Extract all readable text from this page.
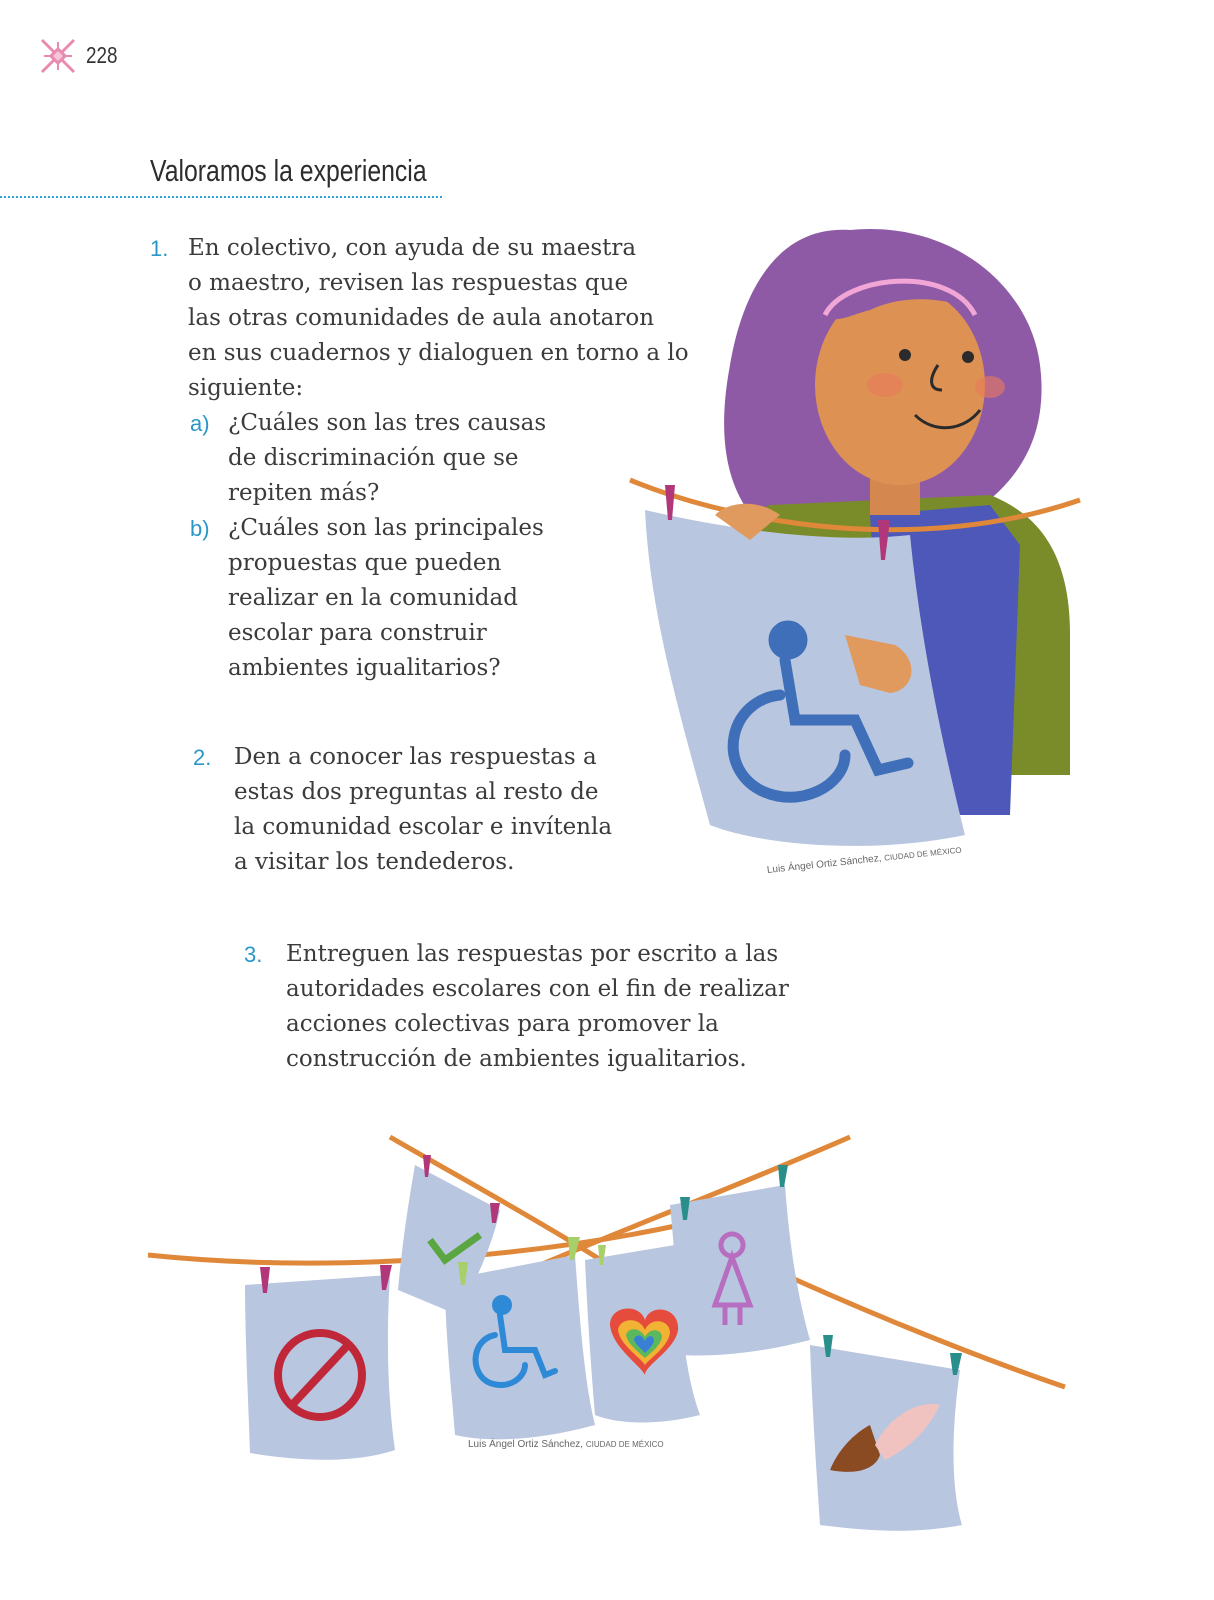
228
Valoramos la experiencia
1. En colectivo, con ayuda de su maestra
o maestro, revisen las respuestas que
las otras comunidades de aula anotaron
en sus cuadernos y dialoguen en torno a lo
siguiente:
a) ¿Cuáles son las tres causas
de discriminación que se
repiten más?
b) ¿Cuáles son las principales
propuestas que pueden
realizar en la comunidad
escolar para construir
ambientes igualitarios?
2. Den a conocer las respuestas a
estas dos preguntas al resto de
la comunidad escolar e invítenla
a visitar los tendederos.
3. Entreguen las respuestas por escrito a las
autoridades escolares con el fin de realizar
acciones colectivas para promover la
construcción de ambientes igualitarios.
Luis Ángel Ortiz Sánchez, CIUDAD DE MÉXICO
Luis Ángel Ortiz Sánchez, CIUDAD DE MÉXICO
